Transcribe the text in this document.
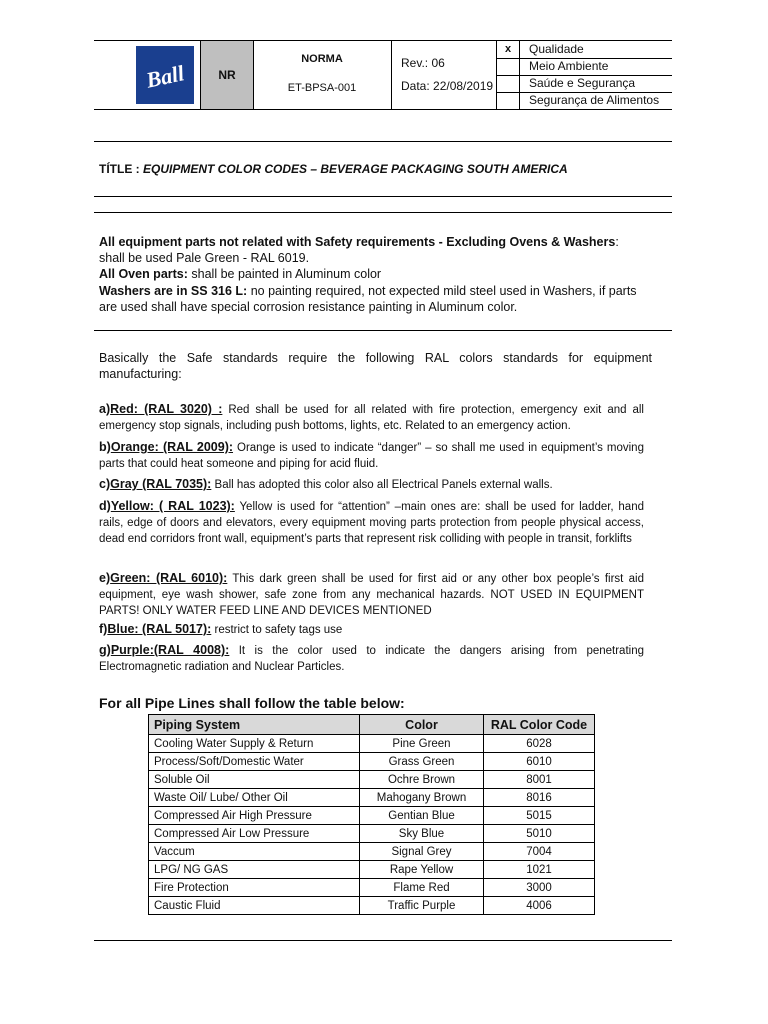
Ball	NR
NORMA
ET-BPSA-001
Rev.: 06
Data: 22/08/2019
x	Qualidade
Meio Ambiente
Saúde e Segurança
Segurança de Alimentos
TÍTLE : EQUIPMENT COLOR CODES – BEVERAGE PACKAGING SOUTH AMERICA
All equipment parts not related with Safety requirements - Excluding Ovens & Washers:
shall be used Pale Green - RAL 6019.
All Oven parts: shall be painted in Aluminum color
Washers are in SS 316 L: no painting required, not expected mild steel used in Washers, if parts
are used shall have special corrosion resistance painting in Aluminum color.
Basically the Safe standards require the following RAL colors standards for equipment manufacturing:
a)Red: (RAL 3020) : Red shall be used for all related with fire protection, emergency exit and all emergency stop signals, including push bottoms, lights, etc. Related to an emergency action.
b)Orange: (RAL 2009): Orange is used to indicate “danger” – so shall me used in equipment’s moving parts that could heat someone and piping for acid fluid.
c)Gray (RAL 7035): Ball has adopted this color also all Electrical Panels external walls.
d)Yellow: ( RAL 1023): Yellow is used for “attention” –main ones are: shall be used for ladder, hand rails, edge of doors and elevators, every equipment moving parts protection from people physical access, dead end corridors front wall, equipment’s parts that represent risk colliding with people in transit, forklifts
e)Green: (RAL 6010): This dark green shall be used for first aid or any other box people’s first aid equipment, eye wash shower, safe zone from any mechanical hazards. NOT USED IN EQUIPMENT PARTS! ONLY WATER FEED LINE AND DEVICES MENTIONED
f)Blue: (RAL 5017): restrict to safety tags use
g)Purple:(RAL 4008): It is the color used to indicate the dangers arising from penetrating Electromagnetic radiation and Nuclear Particles.
For all Pipe Lines shall follow the table below:
Piping System	Color	RAL Color Code
Cooling Water Supply & Return	Pine Green	6028
Process/Soft/Domestic Water	Grass Green	6010
Soluble Oil	Ochre Brown	8001
Waste Oil/ Lube/ Other Oil	Mahogany Brown	8016
Compressed Air High Pressure	Gentian Blue	5015
Compressed Air Low Pressure	Sky Blue	5010
Vaccum	Signal Grey	7004
LPG/ NG GAS	Rape Yellow	1021
Fire Protection	Flame Red	3000
Caustic Fluid	Traffic Purple	4006
